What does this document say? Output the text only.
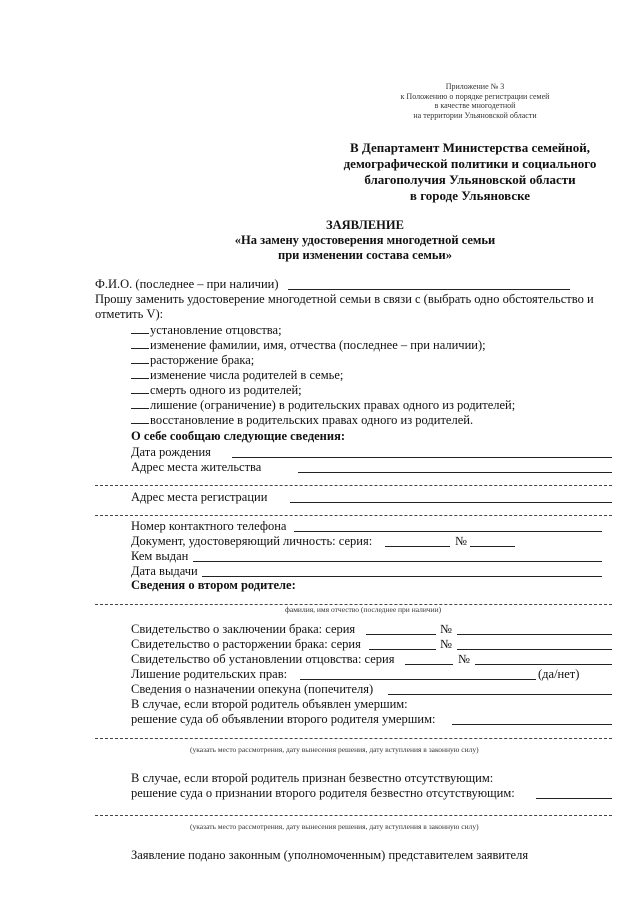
Приложение № 3
к Положению о порядке регистрации семей
в качестве многодетной
на территории Ульяновской области
В Департамент Министерства семейной,
демографической политики и социального
благополучия Ульяновской области
в городе Ульяновске
ЗАЯВЛЕНИЕ
«На замену удостоверения многодетной семьи
при изменении состава семьи»
Ф.И.О. (последнее – при наличии)
Прошу заменить удостоверение многодетной семьи в связи с (выбрать одно обстоятельство и
отметить V):
установление отцовства;
изменение фамилии, имя, отчества (последнее – при наличии);
расторжение брака;
изменение числа родителей в семье;
смерть одного из родителей;
лишение (ограничение) в родительских правах одного из родителей;
восстановление в родительских правах одного из родителей.
О себе сообщаю следующие сведения:
Дата рождения
Адрес места жительства
Адрес места регистрации
Номер контактного телефона
Документ, удостоверяющий личность: серия:	№
Кем выдан
Дата выдачи
Сведения о втором родителе:
фамилия, имя отчество (последнее при наличии)
Свидетельство о заключении брака: серия	№
Свидетельство о расторжении брака: серия	№
Свидетельство об установлении отцовства: серия	№
Лишение родительских прав:	(да/нет)
Сведения о назначении опекуна (попечителя)
В случае, если второй родитель объявлен умершим:
решение суда об объявлении второго родителя умершим:
(указать место рассмотрения, дату вынесения решения, дату вступления в законную силу)
В случае, если второй родитель признан безвестно отсутствующим:
решение суда о признании второго родителя безвестно отсутствующим:
(указать место рассмотрения, дату вынесения решения, дату вступления в законную силу)
Заявление подано законным (уполномоченным) представителем заявителя
